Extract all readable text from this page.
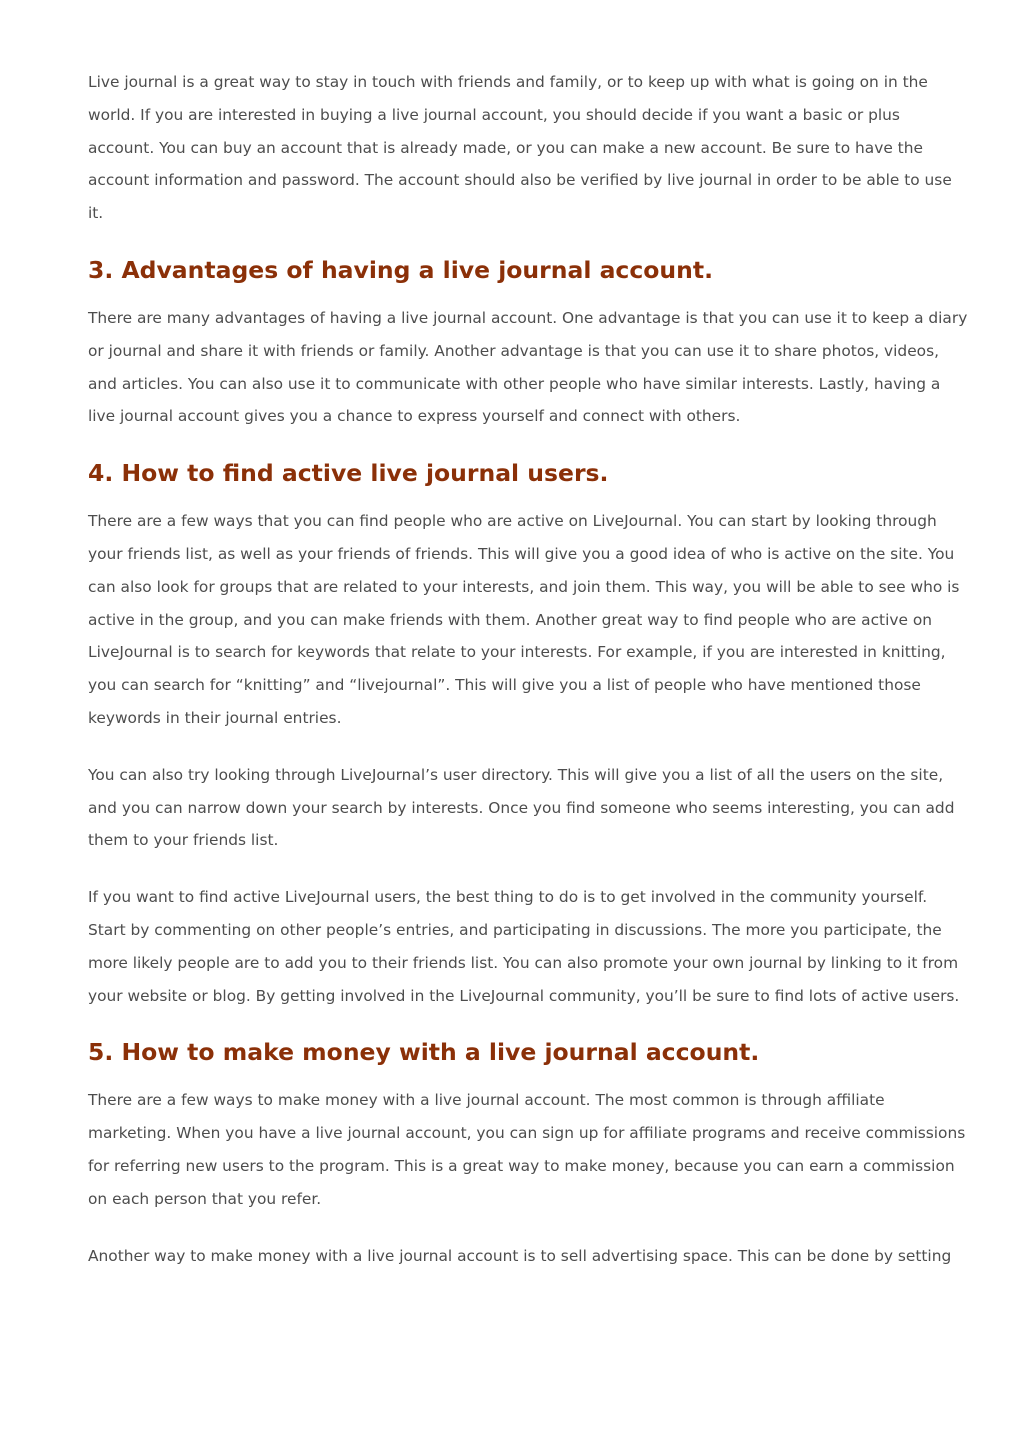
Live journal is a great way to stay in touch with friends and family, or to keep up with what is going on in the world. If you are interested in buying a live journal account, you should decide if you want a basic or plus account. You can buy an account that is already made, or you can make a new account. Be sure to have the account information and password. The account should also be verified by live journal in order to be able to use it.

3. Advantages of having a live journal account.

There are many advantages of having a live journal account. One advantage is that you can use it to keep a diary or journal and share it with friends or family. Another advantage is that you can use it to share photos, videos, and articles. You can also use it to communicate with other people who have similar interests. Lastly, having a live journal account gives you a chance to express yourself and connect with others.

4. How to find active live journal users.

There are a few ways that you can find people who are active on LiveJournal. You can start by looking through your friends list, as well as your friends of friends. This will give you a good idea of who is active on the site. You can also look for groups that are related to your interests, and join them. This way, you will be able to see who is active in the group, and you can make friends with them. Another great way to find people who are active on LiveJournal is to search for keywords that relate to your interests. For example, if you are interested in knitting, you can search for “knitting” and “livejournal”. This will give you a list of people who have mentioned those keywords in their journal entries.

You can also try looking through LiveJournal’s user directory. This will give you a list of all the users on the site, and you can narrow down your search by interests. Once you find someone who seems interesting, you can add them to your friends list.

If you want to find active LiveJournal users, the best thing to do is to get involved in the community yourself. Start by commenting on other people’s entries, and participating in discussions. The more you participate, the more likely people are to add you to their friends list. You can also promote your own journal by linking to it from your website or blog. By getting involved in the LiveJournal community, you’ll be sure to find lots of active users.

5. How to make money with a live journal account.

There are a few ways to make money with a live journal account. The most common is through affiliate marketing. When you have a live journal account, you can sign up for affiliate programs and receive commissions for referring new users to the program. This is a great way to make money, because you can earn a commission on each person that you refer.

Another way to make money with a live journal account is to sell advertising space. This can be done by setting
